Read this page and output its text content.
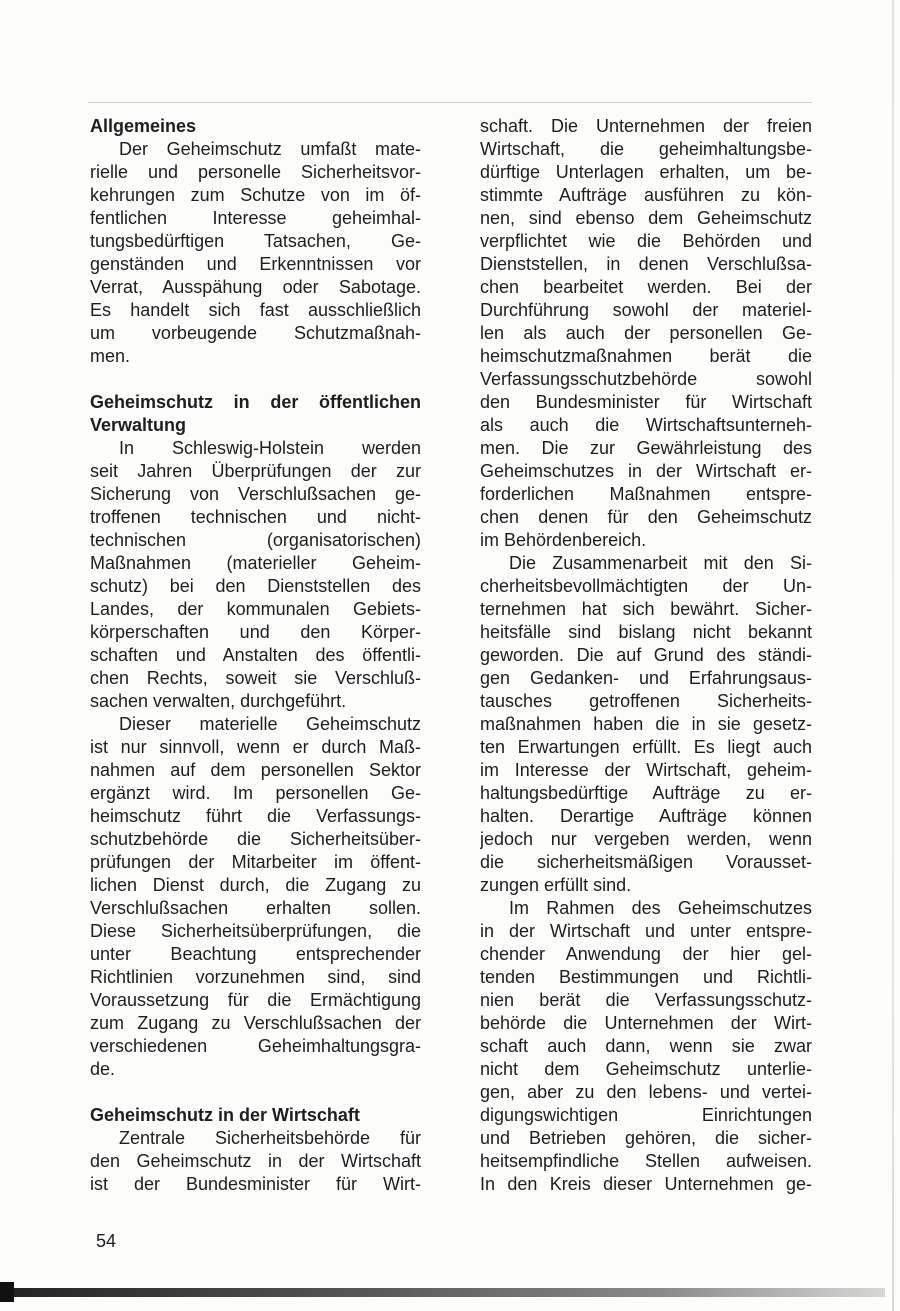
Allgemeines
Der Geheimschutz umfaßt mate-
rielle und personelle Sicherheitsvor-
kehrungen zum Schutze von im öf-
fentlichen Interesse geheimhal-
tungsbedürftigen Tatsachen, Ge-
genständen und Erkenntnissen vor
Verrat, Ausspähung oder Sabotage.
Es handelt sich fast ausschließlich
um vorbeugende Schutzmaßnah-
men.
Geheimschutz in der öffentlichen
Verwaltung
In Schleswig-Holstein werden
seit Jahren Überprüfungen der zur
Sicherung von Verschlußsachen ge-
troffenen technischen und nicht-
technischen (organisatorischen)
Maßnahmen (materieller Geheim-
schutz) bei den Dienststellen des
Landes, der kommunalen Gebiets-
körperschaften und den Körper-
schaften und Anstalten des öffentli-
chen Rechts, soweit sie Verschluß-
sachen verwalten, durchgeführt.
Dieser materielle Geheimschutz
ist nur sinnvoll, wenn er durch Maß-
nahmen auf dem personellen Sektor
ergänzt wird. Im personellen Ge-
heimschutz führt die Verfassungs-
schutzbehörde die Sicherheitsüber-
prüfungen der Mitarbeiter im öffent-
lichen Dienst durch, die Zugang zu
Verschlußsachen erhalten sollen.
Diese Sicherheitsüberprüfungen, die
unter Beachtung entsprechender
Richtlinien vorzunehmen sind, sind
Voraussetzung für die Ermächtigung
zum Zugang zu Verschlußsachen der
verschiedenen Geheimhaltungsgra-
de.
Geheimschutz in der Wirtschaft
Zentrale Sicherheitsbehörde für
den Geheimschutz in der Wirtschaft
ist der Bundesminister für Wirt-
schaft. Die Unternehmen der freien
Wirtschaft, die geheimhaltungsbe-
dürftige Unterlagen erhalten, um be-
stimmte Aufträge ausführen zu kön-
nen, sind ebenso dem Geheimschutz
verpflichtet wie die Behörden und
Dienststellen, in denen Verschlußsa-
chen bearbeitet werden. Bei der
Durchführung sowohl der materiel-
len als auch der personellen Ge-
heimschutzmaßnahmen berät die
Verfassungsschutzbehörde sowohl
den Bundesminister für Wirtschaft
als auch die Wirtschaftsunterneh-
men. Die zur Gewährleistung des
Geheimschutzes in der Wirtschaft er-
forderlichen Maßnahmen entspre-
chen denen für den Geheimschutz
im Behördenbereich.
Die Zusammenarbeit mit den Si-
cherheitsbevollmächtigten der Un-
ternehmen hat sich bewährt. Sicher-
heitsfälle sind bislang nicht bekannt
geworden. Die auf Grund des ständi-
gen Gedanken- und Erfahrungsaus-
tausches getroffenen Sicherheits-
maßnahmen haben die in sie gesetz-
ten Erwartungen erfüllt. Es liegt auch
im Interesse der Wirtschaft, geheim-
haltungsbedürftige Aufträge zu er-
halten. Derartige Aufträge können
jedoch nur vergeben werden, wenn
die sicherheitsmäßigen Vorausset-
zungen erfüllt sind.
Im Rahmen des Geheimschutzes
in der Wirtschaft und unter entspre-
chender Anwendung der hier gel-
tenden Bestimmungen und Richtli-
nien berät die Verfassungsschutz-
behörde die Unternehmen der Wirt-
schaft auch dann, wenn sie zwar
nicht dem Geheimschutz unterlie-
gen, aber zu den lebens- und vertei-
digungswichtigen Einrichtungen
und Betrieben gehören, die sicher-
heitsempfindliche Stellen aufweisen.
In den Kreis dieser Unternehmen ge-
54
